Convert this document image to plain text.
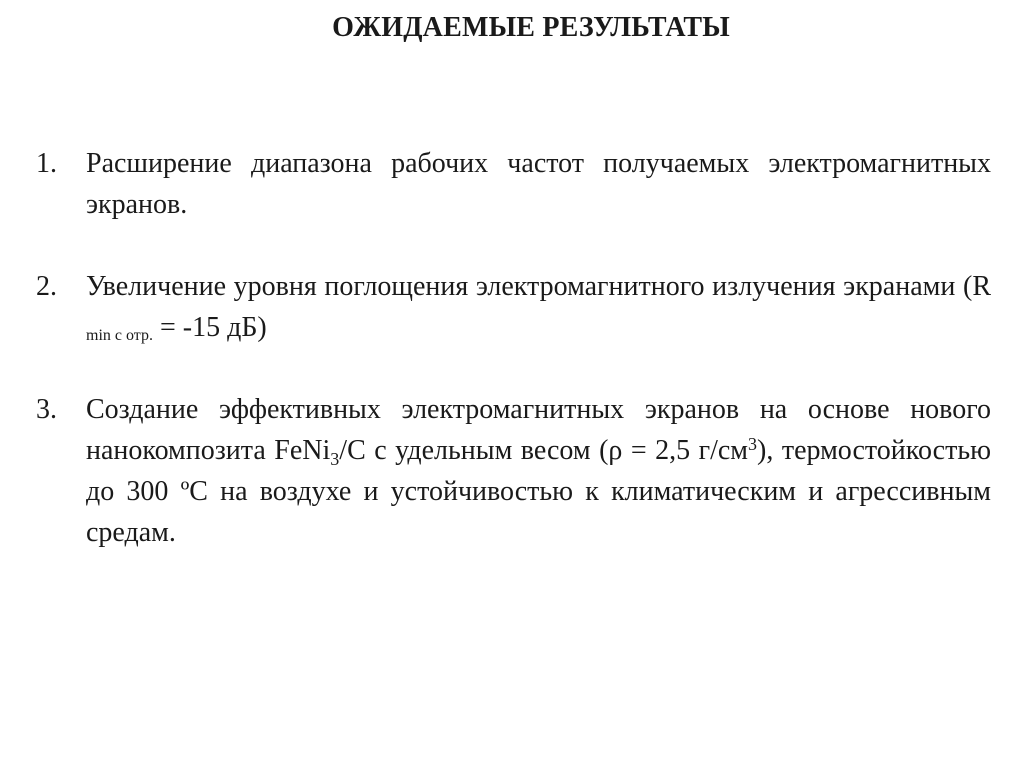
ОЖИДАЕМЫЕ РЕЗУЛЬТАТЫ
1. Расширение диапазона рабочих частот получаемых электромагнитных экранов.
2. Увеличение уровня поглощения электромагнитного излучения экранами (R min с отр. = -15 дБ)
3. Создание эффективных электромагнитных экранов на основе нового нанокомпозита FeNi$_3$/C с удельным весом (ρ = 2,5 $г/см^3$), термостойкостью до 300 ºC на воздухе и устойчивостью к климатическим и агрессивным средам.
